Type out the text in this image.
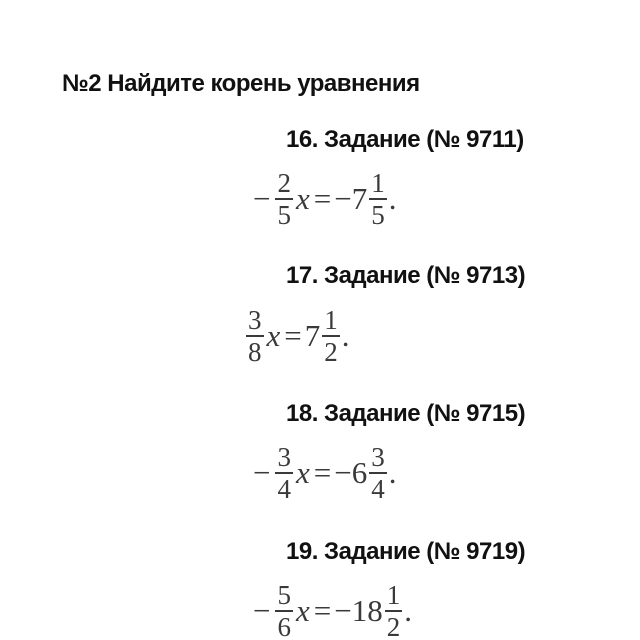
№2 Найдите корень уравнения
16. Задание (№ 9711)
− $\frac{2}{5}$ x = − $7 \frac{1}{5}$ .
17. Задание (№ 9713)
$\frac{3}{8}$ $x = 7 \frac{1}{2}$ .
18. Задание (№ 9715)
− $\frac{3}{4}$ x = − $6 \frac{3}{4}$ .
19. Задание (№ 9719)
− $\frac{5}{6}$ x = − $18 \frac{1}{2}$ .
